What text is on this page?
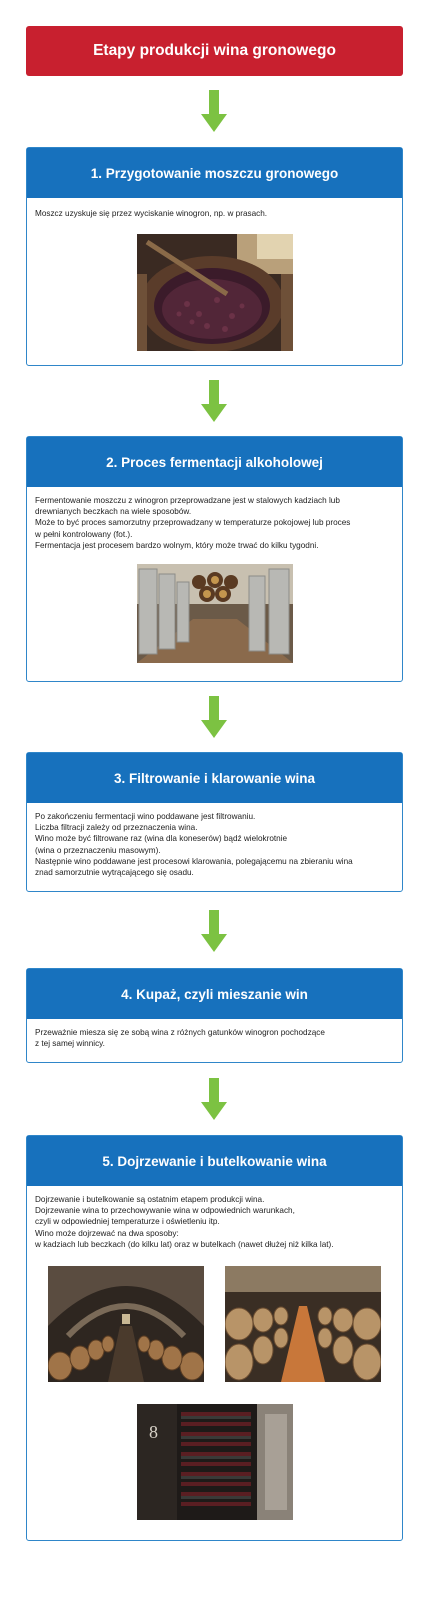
Etapy produkcji wina gronowego
1. Przygotowanie moszczu gronowego
Moszcz uzyskuje się przez wyciskanie winogron, np. w prasach.
2. Proces fermentacji alkoholowej
Fermentowanie moszczu z winogron przeprowadzane jest w stalowych kadziach lub
drewnianych beczkach na wiele sposobów.
Może to być proces samorzutny przeprowadzany w temperaturze pokojowej lub proces
w pełni kontrolowany (fot.).
Fermentacja jest procesem bardzo wolnym, który może trwać do kilku tygodni.
3. Filtrowanie i klarowanie wina
Po zakończeniu fermentacji wino poddawane jest filtrowaniu.
Liczba filtracji zależy od przeznaczenia wina.
Wino może być filtrowane raz (wina dla koneserów) bądź wielokrotnie
(wina o przeznaczeniu masowym).
Następnie wino poddawane jest procesowi klarowania, polegającemu na zbieraniu wina
znad samorzutnie wytrącającego się osadu.
4. Kupaż, czyli mieszanie win
Przeważnie miesza się ze sobą wina z różnych gatunków winogron pochodzące
z tej samej winnicy.
5. Dojrzewanie i butelkowanie wina
Dojrzewanie i butelkowanie są ostatnim etapem produkcji wina.
Dojrzewanie wina to przechowywanie wina w odpowiednich warunkach,
czyli w odpowiedniej temperaturze i oświetleniu itp.
Wino może dojrzewać na dwa sposoby:
w kadziach lub beczkach (do kilku lat) oraz w butelkach (nawet dłużej niż kilka lat).
8
